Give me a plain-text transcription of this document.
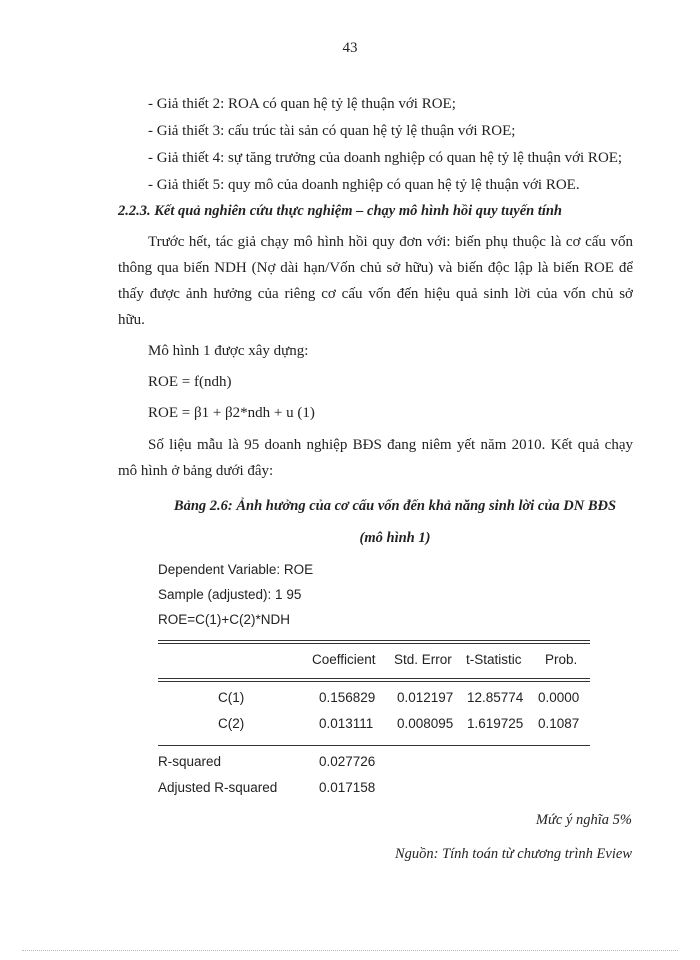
43
- Giả thiết 2: ROA có quan hệ tỷ lệ thuận với ROE;
- Giả thiết 3: cấu trúc tài sản có quan hệ tỷ lệ thuận với ROE;
- Giả thiết 4: sự tăng trưởng của doanh nghiệp có quan hệ tỷ lệ thuận với ROE;
- Giả thiết 5: quy mô của doanh nghiệp có quan hệ tỷ lệ thuận với ROE.
2.2.3. Kết quả nghiên cứu thực nghiệm – chạy mô hình hồi quy tuyến tính
Trước hết, tác giả chạy mô hình hồi quy đơn với: biến phụ thuộc là cơ cấu vốn
thông qua biến NDH (Nợ dài hạn/Vốn chủ sở hữu) và biến độc lập là biến ROE để
thấy được ảnh hưởng của riêng cơ cấu vốn đến hiệu quả sinh lời của vốn chủ sở
hữu.
Mô hình 1 được xây dựng:
ROE = f(ndh)
ROE = β1 + β2*ndh + u (1)
Số liệu mẫu là 95 doanh nghiệp BĐS đang niêm yết năm 2010. Kết quả chạy
mô hình ở bảng dưới đây:
Bảng 2.6: Ảnh hưởng của cơ cấu vốn đến khả năng sinh lời của DN BĐS
(mô hình 1)
Dependent Variable: ROE
Sample (adjusted): 1 95
ROE=C(1)+C(2)*NDH
Coefficient Std. Error t-Statistic Prob.
C(1)	0.156829 0.012197 12.85774 0.0000
C(2)	0.013111 0.008095 1.619725 0.1087
R-squared	0.027726
Adjusted R-squared	0.017158
Mức ý nghĩa 5%
Nguồn: Tính toán từ chương trình Eview
